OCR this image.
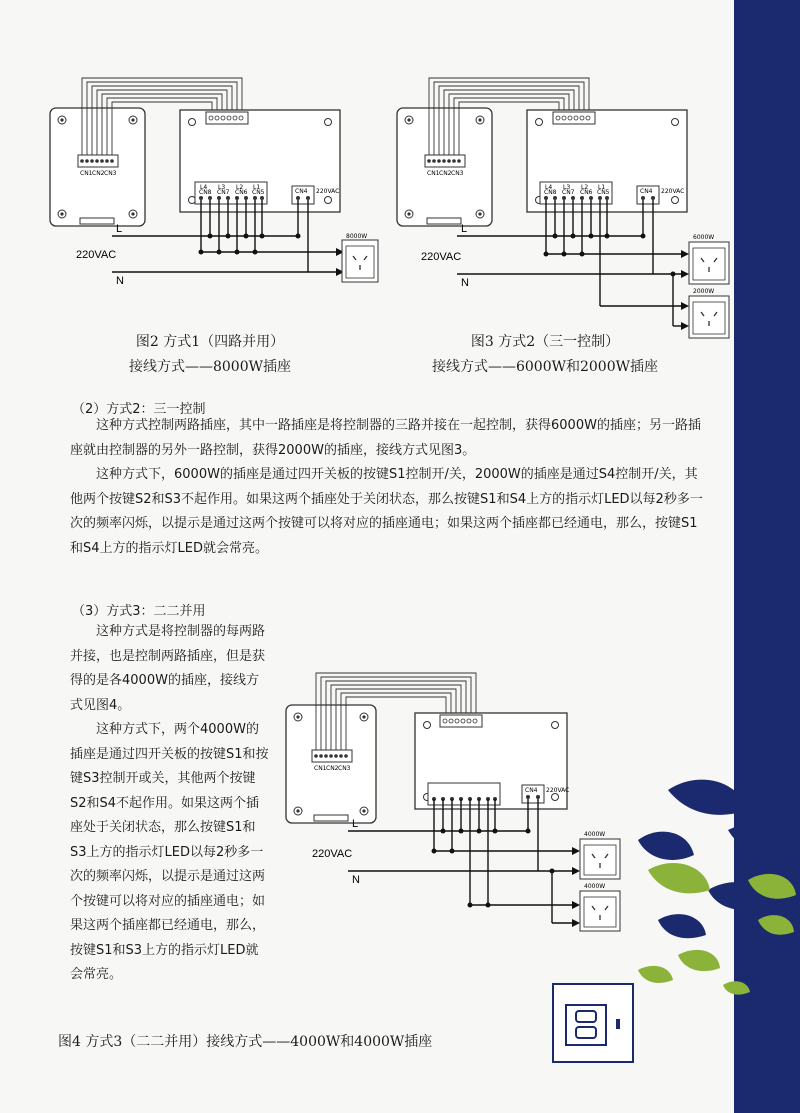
CN1 CN2 CN3
L4 L3 L2 L1
CN8 CN7 CN6 CN5	CN4 220VAC
L
220VAC
N
8000W
图2 方式1（四路并用）
接线方式——8000W插座
CN1 CN2 CN3
L4 L3 L2 L1
CN8 CN7 CN6 CN5	CN4 220VAC
L
220VAC
N
6000W
2000W
图3 方式2（三一控制）
接线方式——6000W和2000W插座
（2）方式2：三一控制
这种方式控制两路插座，其中一路插座是将控制器的三路并接在一起控制，获得6000W的插座；另一路插座就由控制器的另外一路控制，获得2000W的插座，接线方式见图3。
这种方式下，6000W的插座是通过四开关板的按键S1控制开/关，2000W的插座是通过S4控制开/关，其他两个按键S2和S3不起作用。如果这两个插座处于关闭状态，那么按键S1和S4上方的指示灯LED以每2秒多一次的频率闪烁，以提示是通过这两个按键可以将对应的插座通电；如果这两个插座都已经通电，那么，按键S1和S4上方的指示灯LED就会常亮。
（3）方式3：二二并用
这种方式是将控制器的每两路并接，也是控制两路插座，但是获得的是各4000W的插座，接线方式见图4。
这种方式下，两个4000W的插座是通过四开关板的按键S1和按键S3控制开或关，其他两个按键S2和S4不起作用。如果这两个插座处于关闭状态，那么按键S1和S3上方的指示灯LED以每2秒多一次的频率闪烁，以提示是通过这两个按键可以将对应的插座通电；如果这两个插座都已经通电，那么，按键S1和S3上方的指示灯LED就会常亮。
CN1 CN2 CN3
CN4 220VAC
L
220VAC
N
4000W
4000W
图4 方式3（二二并用）接线方式——4000W和4000W插座
